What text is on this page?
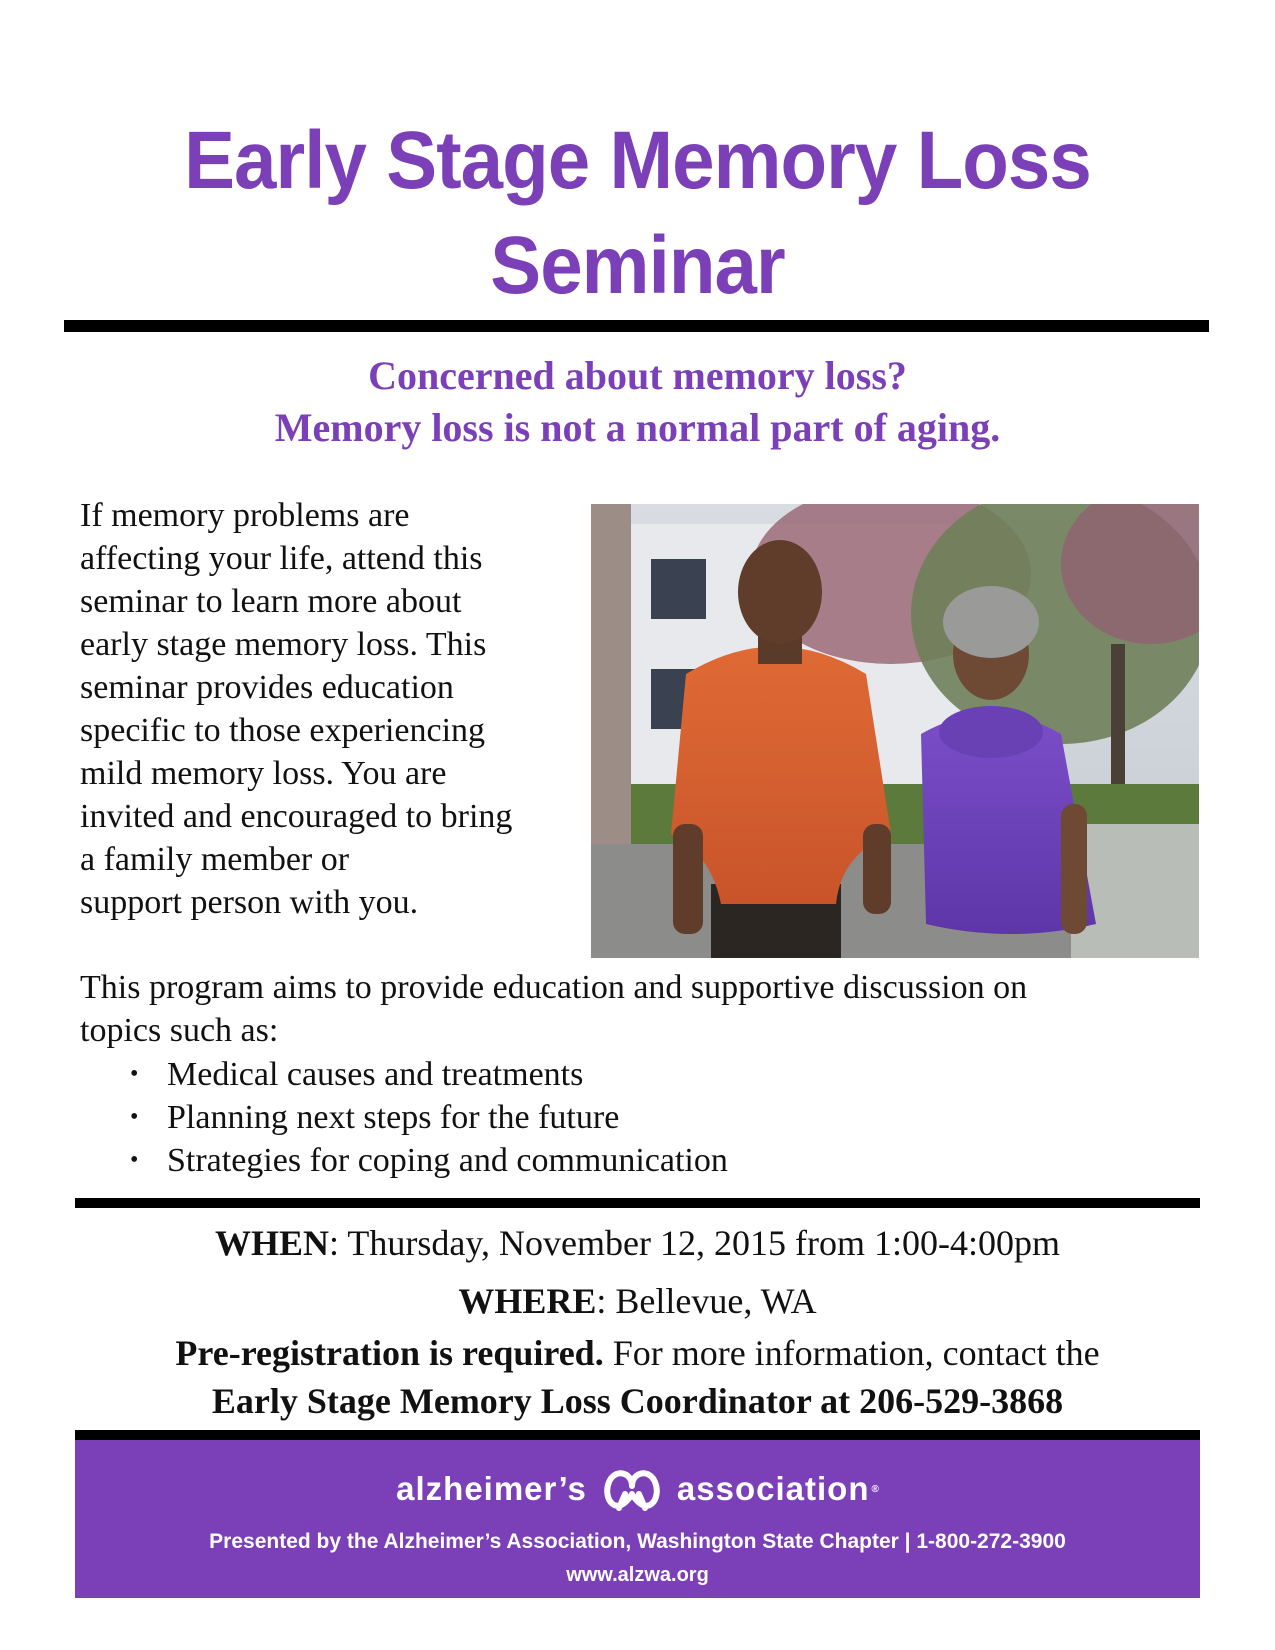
Early Stage Memory Loss
Seminar
Concerned about memory loss?
Memory loss is not a normal part of aging.
If memory problems are
affecting your life, attend this
seminar to learn more about
early stage memory loss. This
seminar provides education
specific to those experiencing
mild memory loss. You are
invited and encouraged to bring
a family member or
support person with you.
This program aims to provide education and supportive discussion on
topics such as:
• Medical causes and treatments
• Planning next steps for the future
• Strategies for coping and communication
WHEN: Thursday, November 12, 2015 from 1:00-4:00pm
WHERE: Bellevue, WA
Pre-registration is required. For more information, contact the
Early Stage Memory Loss Coordinator at 206-529-3868
alzheimer’s	association ®
Presented by the Alzheimer’s Association, Washington State Chapter | 1-800-272-3900
www.alzwa.org
